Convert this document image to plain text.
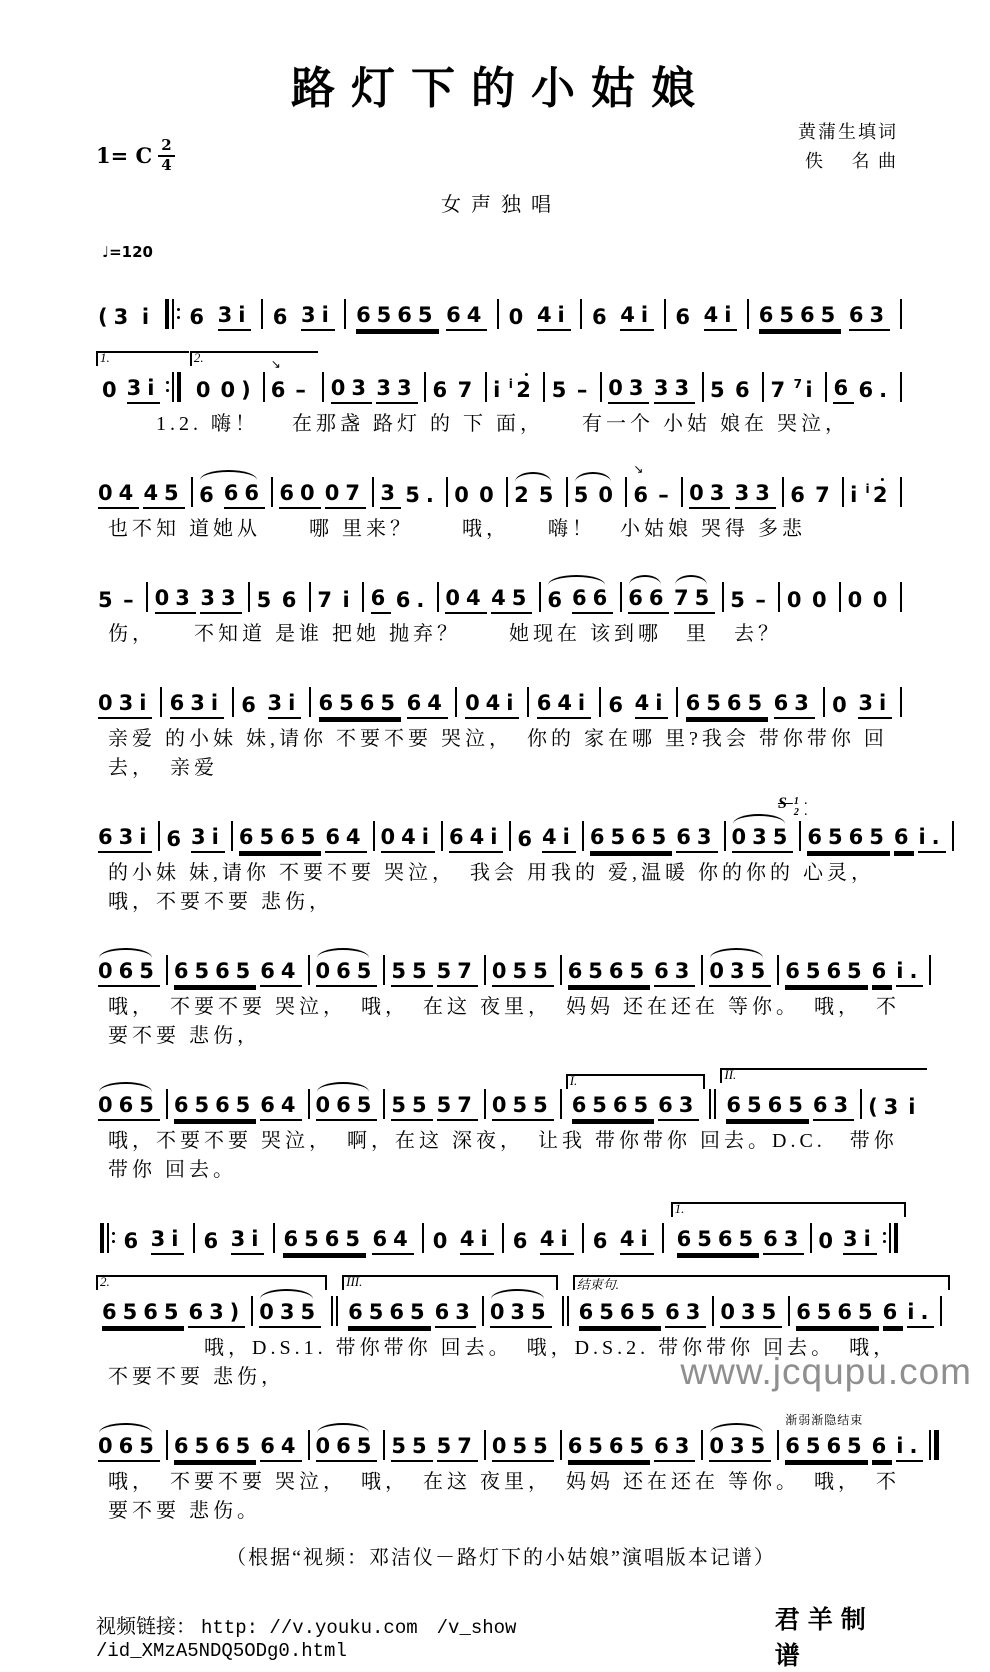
路灯下的小姑娘
黄蒲生填词
佚　 名 曲
1= C $\frac{2}{4}$
女声独唱
♩=120
(3 i 6 3i 6 3i 6565 64 0 4i 6 4i 6 4i 6565 63
1.
0 3i
2.
0 0) 6
↘
– 03 33 6 7 i i 2 5 – 03 33 5 6 7 7 i 6 6.
　　1.2. 嗨！　 在那盏 路灯 的 下 面，　　有一个 小姑 娘在 哭泣，
04 45 6 66 60 07 3 5. 0 0 2 5 5 0 6
↘
– 03 33 6 7 i i 2
也不知 道她从　　哪 里来？　　哦，　　嗨！　小姑娘 哭得 多悲
5 – 03 33 5 6 7 i 6 6. 04 45 6 66 66 75 5 – 0 0 0 0
伤，　　不知道 是谁 把她 抛弃？　　她现在 该到哪　里　去？
03i 63i 6 3i 6565 64 04i 64i 6 4i 6565 63 0 3i
亲爱 的小妹 妹,请你 不要不要 哭泣，　你的 家在哪 里?我会 带你带你 回去，　亲爱
63i 6 3i 6565 64 04i 64i 6 4i 6565 63 035
S 1.
2.
6565 6 i.
的小妹 妹,请你 不要不要 哭泣，　我会 用我的 爱,温暖 你的你的 心灵，　哦，不要不要 悲伤，
065 6565 64 065 55 57 055 6565 63 035 6565 6 i.
哦，　不要不要 哭泣，　哦，　在这 夜里，　妈妈 还在还在 等你。　哦，　不要不要 悲伤，
065 6565 64 065 55 57 055
I.
6565 63
II.
6565 63 (3 i
哦，不要不要 哭泣，　啊，在这 深夜，　让我 带你带你 回去。D.C.　带你带你 回去。
6 3i 6 3i 6565 64 0 4i 6 4i 6 4i
1.
6565 63 0 3i
2.
6565 63) 035
III.
6565 63 035
结束句.
6565 63 035 6565 6 i.
　　　　哦，D.S.1. 带你带你 回去。　哦，D.S.2. 带你带你 回去。　哦，不要不要 悲伤，
065 6565 64 065 55 57 055 6565 63 035 6565
渐弱渐隐结束
6 i.
哦，　不要不要 哭泣，　哦，　在这 夜里，　妈妈 还在还在 等你。　哦，　不要不要 悲伤。
（根据“视频：邓洁仪－路灯下的小姑娘”演唱版本记谱）
视频链接： http: //v.youku.com　/v_show /id_XMzA5NDQ5ODg0.html
君羊制谱
www.jcqupu.com
